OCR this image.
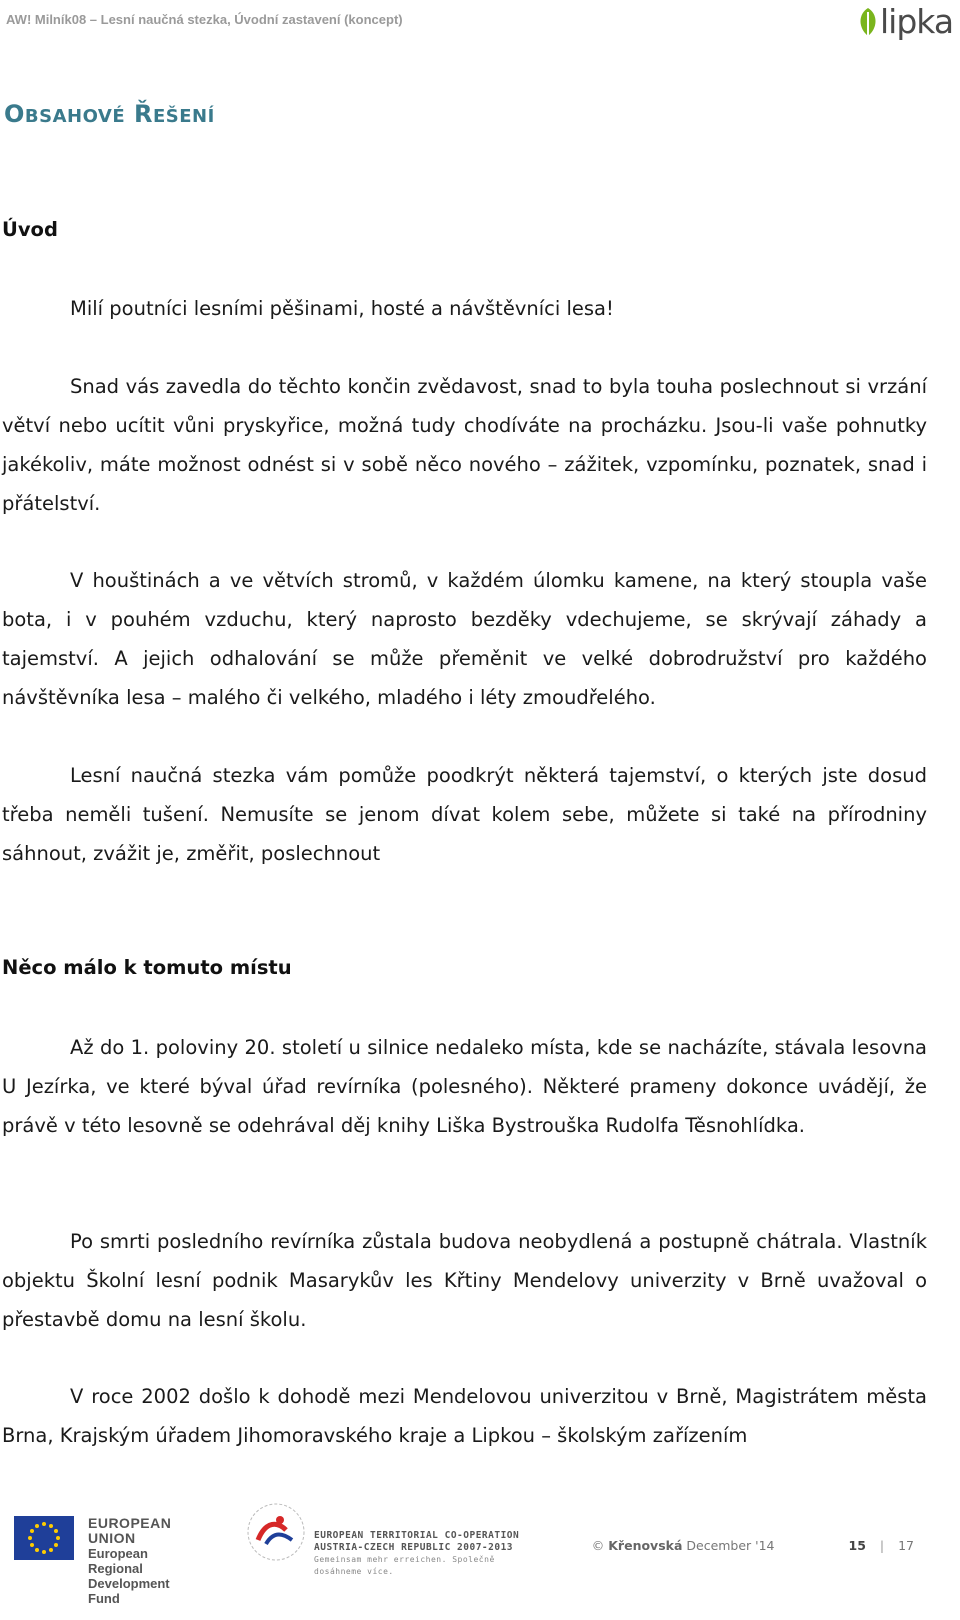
AW! Milník08 – Lesní naučná stezka, Úvodní zastavení (koncept)	lipka
OBSAHOVÉ ŘEŠENÍ
Úvod

Milí poutníci lesními pěšinami, hosté a návštěvníci lesa!

Snad vás zavedla do těchto končin zvědavost, snad to byla touha poslechnout si vrzání větví nebo ucítit vůni pryskyřice, možná tudy chodíváte na procházku. Jsou-li vaše pohnutky jakékoliv, máte možnost odnést si v sobě něco nového – zážitek, vzpomínku, poznatek, snad i přátelství.

V houštinách a ve větvích stromů, v každém úlomku kamene, na který stoupla vaše bota, i v pouhém vzduchu, který naprosto bezděky vdechujeme, se skrývají záhady a tajemství. A jejich odhalování se může přeměnit ve velké dobrodružství pro každého návštěvníka lesa – malého či velkého, mladého i léty zmoudřelého.

Lesní naučná stezka vám pomůže poodkrýt některá tajemství, o kterých jste dosud třeba neměli tušení. Nemusíte se jenom dívat kolem sebe, můžete si také na přírodniny sáhnout, zvážit je, změřit, poslechnout

Něco málo k tomuto místu

Až do 1. poloviny 20. století u silnice nedaleko místa, kde se nacházíte, stávala lesovna U Jezírka, ve které býval úřad revírníka (polesného). Některé prameny dokonce uvádějí, že právě v této lesovně se odehrával děj knihy Liška Bystrouška Rudolfa Těsnohlídka.

Po smrti posledního revírníka zůstala budova neobydlená a postupně chátrala. Vlastník objektu Školní lesní podnik Masarykův les Křtiny Mendelovy univerzity v Brně uvažoval o přestavbě domu na lesní školu.

V roce 2002 došlo k dohodě mezi Mendelovou univerzitou v Brně, Magistrátem města Brna, Krajským úřadem Jihomoravského kraje a Lipkou – školským zařízením

EUROPEAN UNION
European Regional
Development Fund
EUROPEAN TERRITORIAL CO-OPERATION
AUSTRIA-CZECH REPUBLIC 2007-2013
Gemeinsam mehr erreichen. Společně dosáhneme více.
© Křenovská December '14	15 | 17
